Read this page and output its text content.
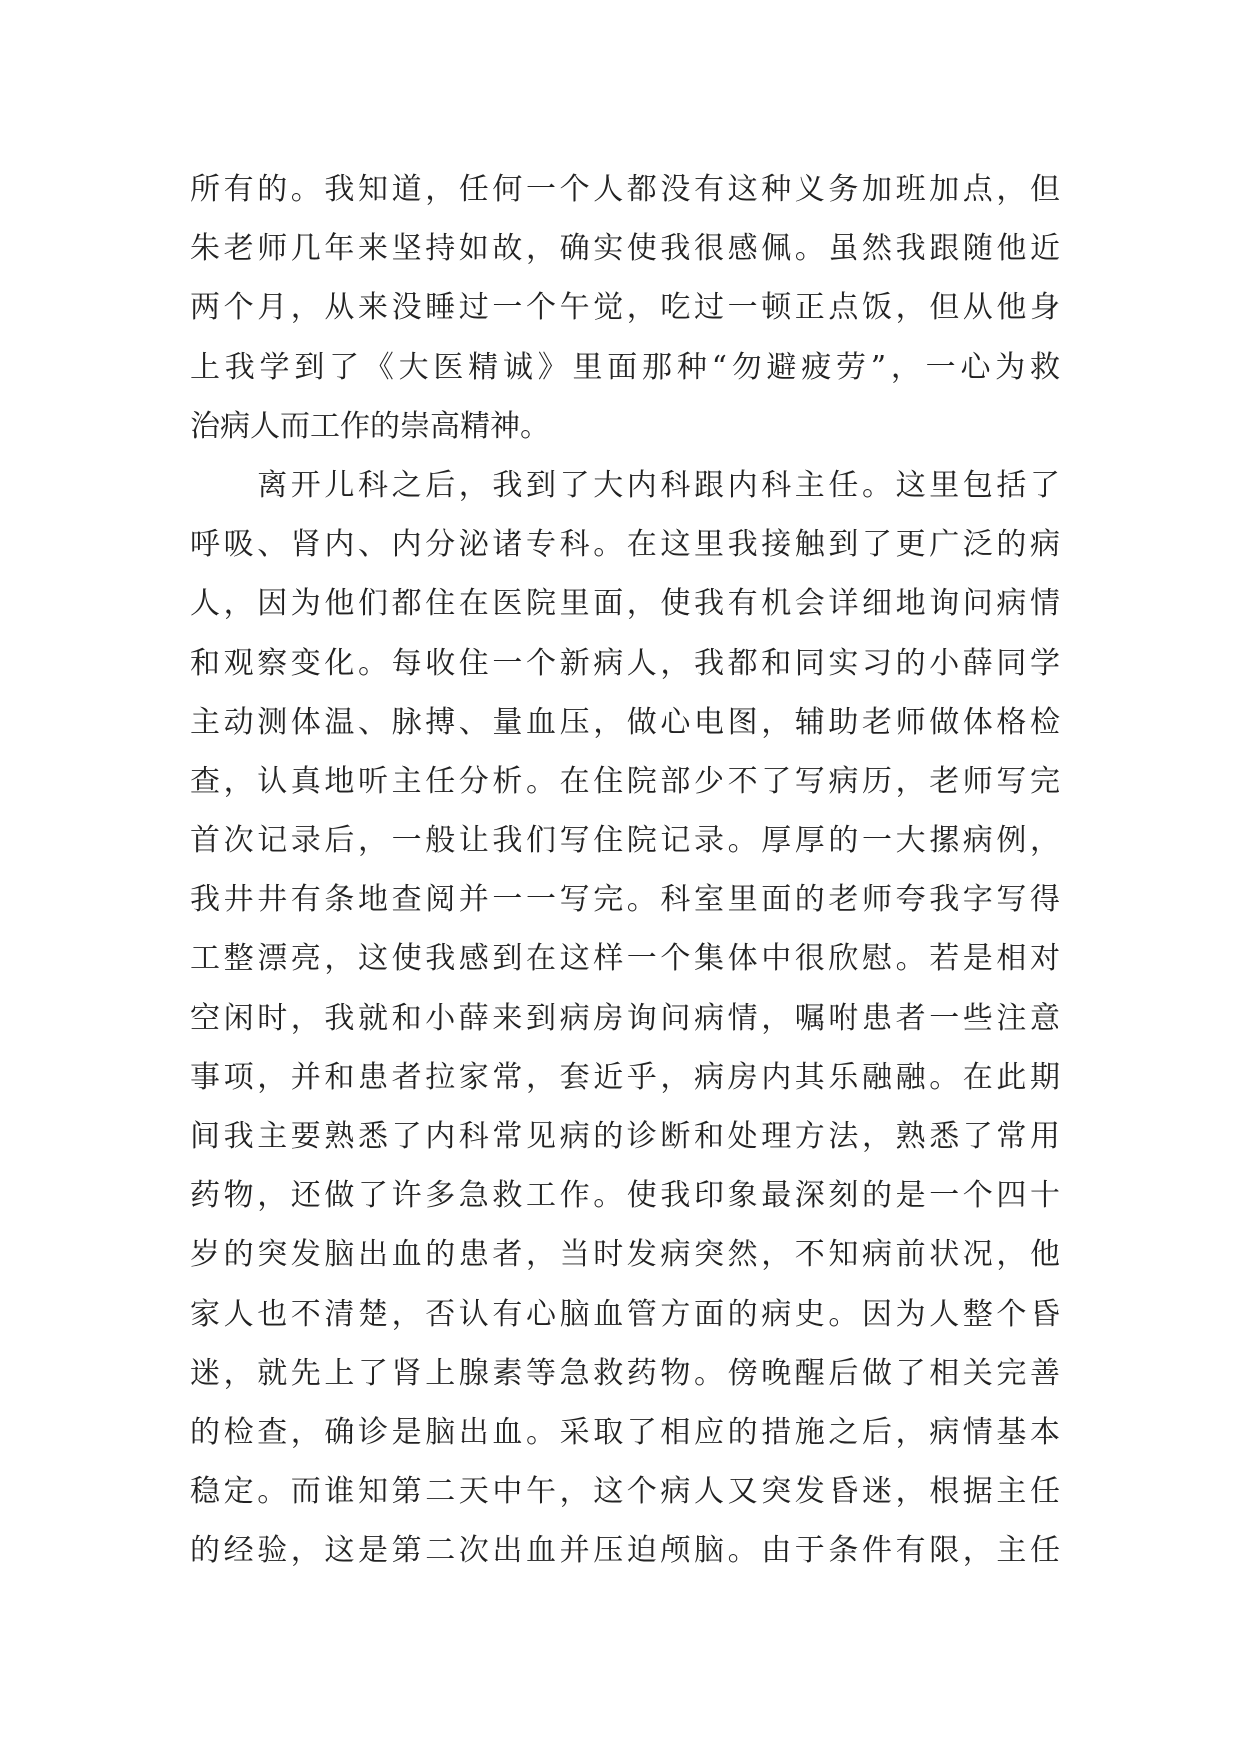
所有的。我知道，任何一个人都没有这种义务加班加点，但
朱老师几年来坚持如故，确实使我很感佩。虽然我跟随他近
两个月，从来没睡过一个午觉，吃过一顿正点饭，但从他身
上我学到了《大医精诚》里面那种“勿避疲劳”，一心为救
治病人而工作的崇高精神。
　　离开儿科之后，我到了大内科跟内科主任。这里包括了
呼吸、肾内、内分泌诸专科。在这里我接触到了更广泛的病
人，因为他们都住在医院里面，使我有机会详细地询问病情
和观察变化。每收住一个新病人，我都和同实习的小薛同学
主动测体温、脉搏、量血压，做心电图，辅助老师做体格检
查，认真地听主任分析。在住院部少不了写病历，老师写完
首次记录后，一般让我们写住院记录。厚厚的一大摞病例，
我井井有条地查阅并一一写完。科室里面的老师夸我字写得
工整漂亮，这使我感到在这样一个集体中很欣慰。若是相对
空闲时，我就和小薛来到病房询问病情，嘱咐患者一些注意
事项，并和患者拉家常，套近乎，病房内其乐融融。在此期
间我主要熟悉了内科常见病的诊断和处理方法，熟悉了常用
药物，还做了许多急救工作。使我印象最深刻的是一个四十
岁的突发脑出血的患者，当时发病突然，不知病前状况，他
家人也不清楚，否认有心脑血管方面的病史。因为人整个昏
迷，就先上了肾上腺素等急救药物。傍晚醒后做了相关完善
的检查，确诊是脑出血。采取了相应的措施之后，病情基本
稳定。而谁知第二天中午，这个病人又突发昏迷，根据主任
的经验，这是第二次出血并压迫颅脑。由于条件有限，主任
